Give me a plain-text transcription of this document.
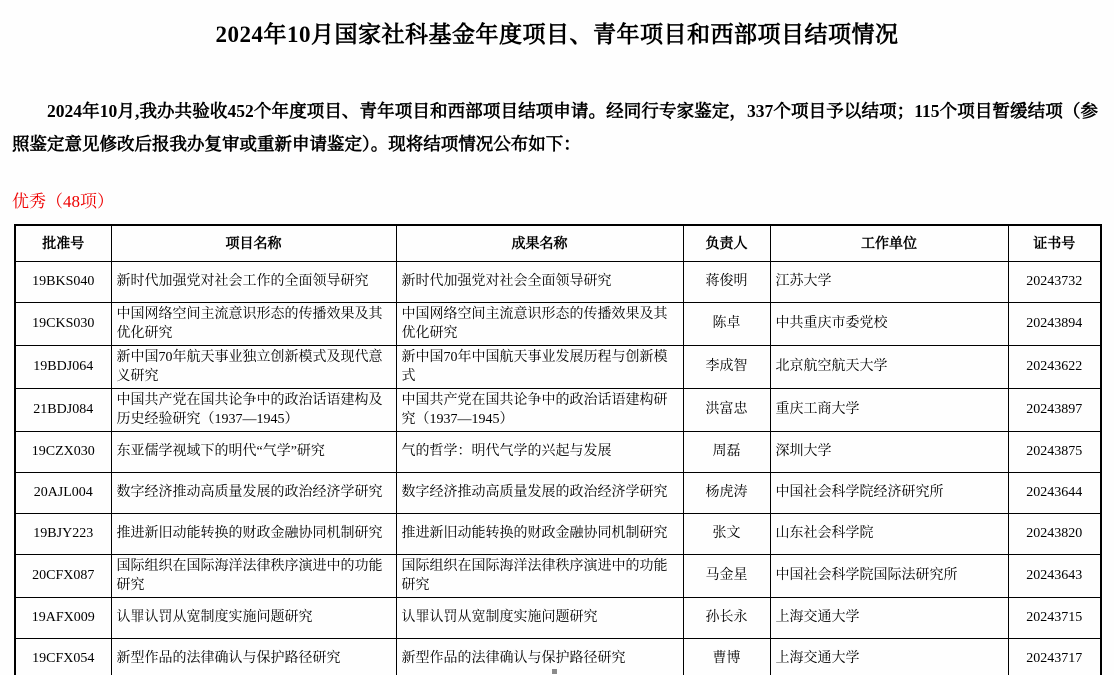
2024年10月国家社科基金年度项目、青年项目和西部项目结项情况

2024年10月,我办共验收452个年度项目、青年项目和西部项目结项申请。经同行专家鉴定，337个项目予以结项；115个项目暂缓结项（参照鉴定意见修改后报我办复审或重新申请鉴定）。现将结项情况公布如下：

优秀（48项）
批准号	项目名称	成果名称	负责人	工作单位	证书号
19BKS040	新时代加强党对社会工作的全面领导研究	新时代加强党对社会全面领导研究	蒋俊明	江苏大学	20243732
19CKS030	中国网络空间主流意识形态的传播效果及其优化研究	中国网络空间主流意识形态的传播效果及其优化研究	陈卓	中共重庆市委党校	20243894
19BDJ064	新中国70年航天事业独立创新模式及现代意义研究	新中国70年中国航天事业发展历程与创新模式	李成智	北京航空航天大学	20243622
21BDJ084	中国共产党在国共论争中的政治话语建构及历史经验研究（1937—1945）	中国共产党在国共论争中的政治话语建构研究（1937—1945）	洪富忠	重庆工商大学	20243897
19CZX030	东亚儒学视域下的明代“气学”研究	气的哲学：明代气学的兴起与发展	周磊	深圳大学	20243875
20AJL004	数字经济推动高质量发展的政治经济学研究	数字经济推动高质量发展的政治经济学研究	杨虎涛	中国社会科学院经济研究所	20243644
19BJY223	推进新旧动能转换的财政金融协同机制研究	推进新旧动能转换的财政金融协同机制研究	张文	山东社会科学院	20243820
20CFX087	国际组织在国际海洋法律秩序演进中的功能研究	国际组织在国际海洋法律秩序演进中的功能研究	马金星	中国社会科学院国际法研究所	20243643
19AFX009	认罪认罚从宽制度实施问题研究	认罪认罚从宽制度实施问题研究	孙长永	上海交通大学	20243715
19CFX054	新型作品的法律确认与保护路径研究	新型作品的法律确认与保护路径研究	曹博	上海交通大学	20243717
